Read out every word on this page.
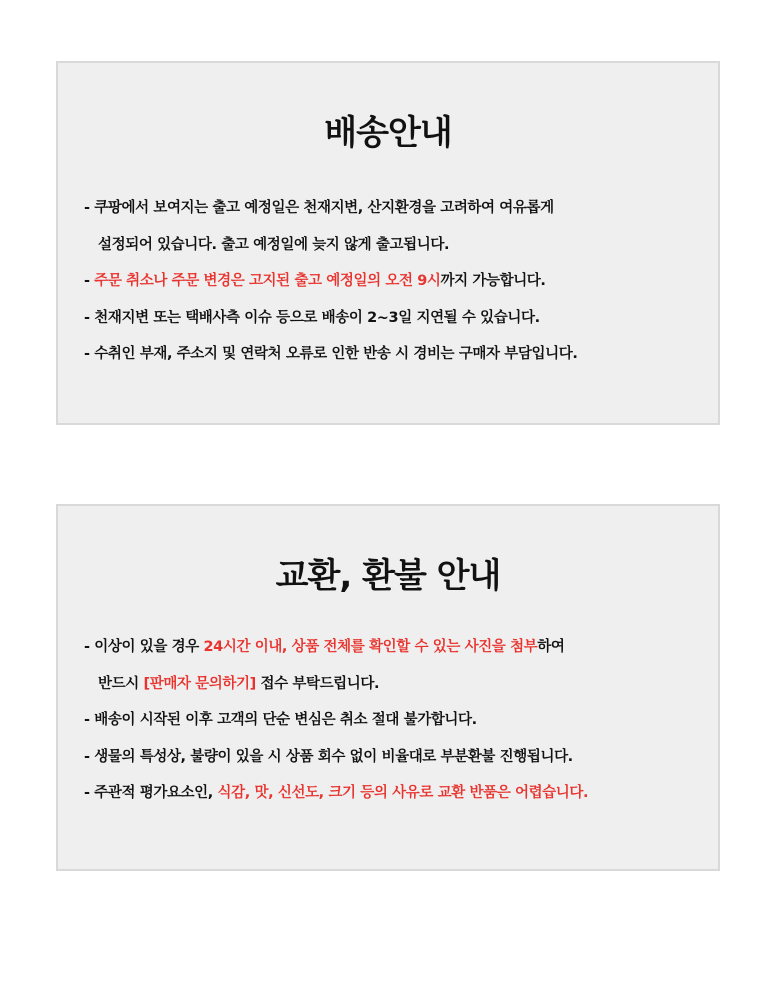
배송안내
- 쿠팡에서 보여지는 출고 예정일은 천재지변, 산지환경을 고려하여 여유롭게
설정되어 있습니다. 출고 예정일에 늦지 않게 출고됩니다.
- 주문 취소나 주문 변경은 고지된 출고 예정일의 오전 9시까지 가능합니다.
- 천재지변 또는 택배사측 이슈 등으로 배송이 2~3일 지연될 수 있습니다.
- 수취인 부재, 주소지 및 연락처 오류로 인한 반송 시 경비는 구매자 부담입니다.
교환, 환불 안내
- 이상이 있을 경우 24시간 이내, 상품 전체를 확인할 수 있는 사진을 첨부하여
반드시 [판매자 문의하기] 접수 부탁드립니다.
- 배송이 시작된 이후 고객의 단순 변심은 취소 절대 불가합니다.
- 생물의 특성상, 불량이 있을 시 상품 회수 없이 비율대로 부분환불 진행됩니다.
- 주관적 평가요소인, 식감, 맛, 신선도, 크기 등의 사유로 교환 반품은 어렵습니다.
